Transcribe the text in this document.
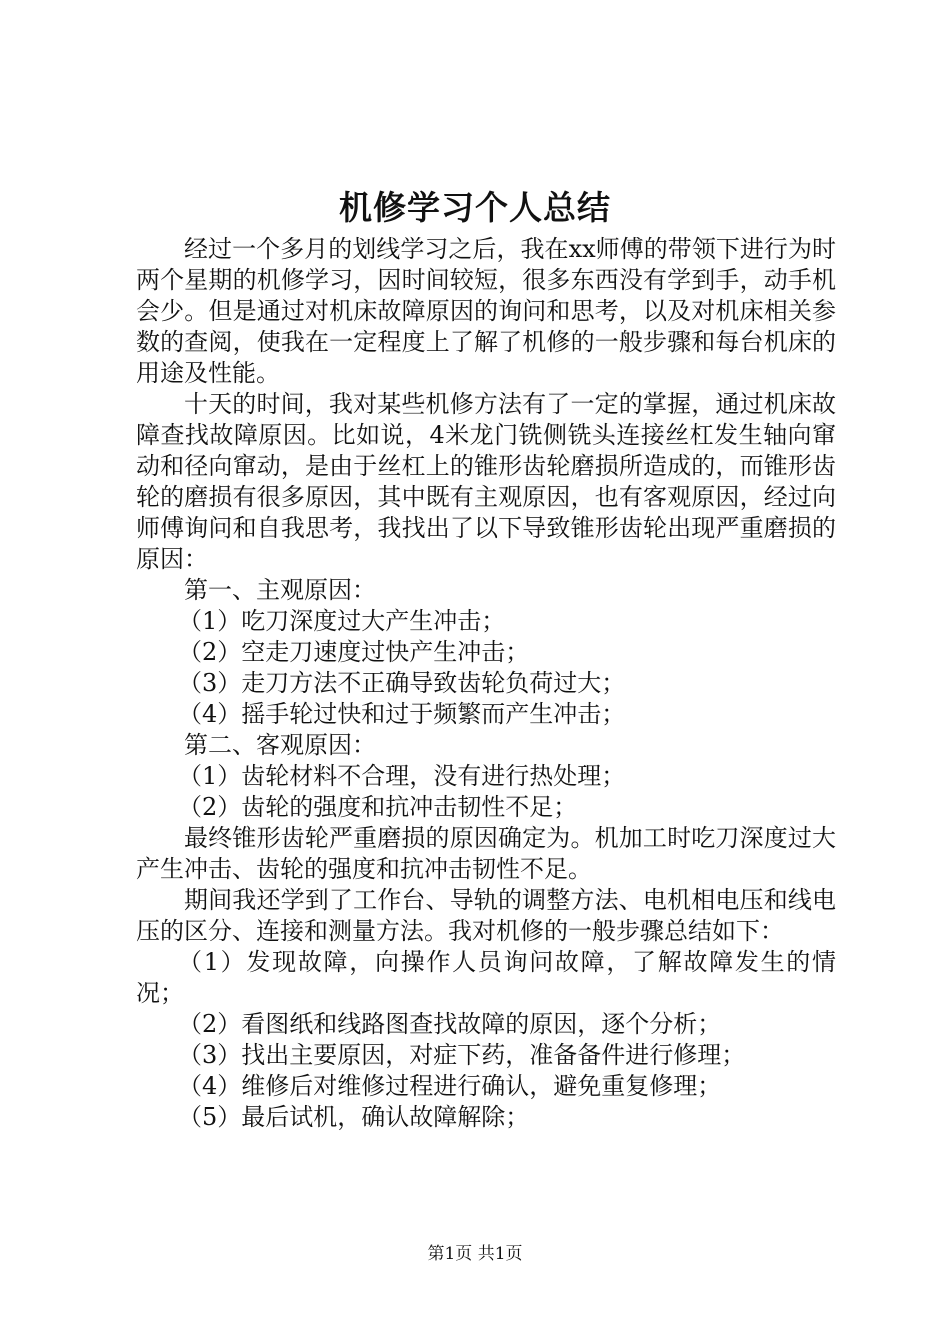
机修学习个人总结

经过一个多月的划线学习之后，我在xx师傅的带领下进行为时两个星期的机修学习，因时间较短，很多东西没有学到手，动手机会少。但是通过对机床故障原因的询问和思考，以及对机床相关参数的查阅，使我在一定程度上了解了机修的一般步骤和每台机床的用途及性能。

十天的时间，我对某些机修方法有了一定的掌握，通过机床故障查找故障原因。比如说，4米龙门铣侧铣头连接丝杠发生轴向窜动和径向窜动，是由于丝杠上的锥形齿轮磨损所造成的，而锥形齿轮的磨损有很多原因，其中既有主观原因，也有客观原因，经过向师傅询问和自我思考，我找出了以下导致锥形齿轮出现严重磨损的原因：

第一、主观原因：

（1）吃刀深度过大产生冲击；

（2）空走刀速度过快产生冲击；

（3）走刀方法不正确导致齿轮负荷过大；

（4）摇手轮过快和过于频繁而产生冲击；

第二、客观原因：

（1）齿轮材料不合理，没有进行热处理；

（2）齿轮的强度和抗冲击韧性不足；

最终锥形齿轮严重磨损的原因确定为。机加工时吃刀深度过大产生冲击、齿轮的强度和抗冲击韧性不足。

期间我还学到了工作台、导轨的调整方法、电机相电压和线电压的区分、连接和测量方法。我对机修的一般步骤总结如下：

（1）发现故障，向操作人员询问故障，了解故障发生的情况；

（2）看图纸和线路图查找故障的原因，逐个分析；

（3）找出主要原因，对症下药，准备备件进行修理；

（4）维修后对维修过程进行确认，避免重复修理；

（5）最后试机，确认故障解除；

第1页 共1页
